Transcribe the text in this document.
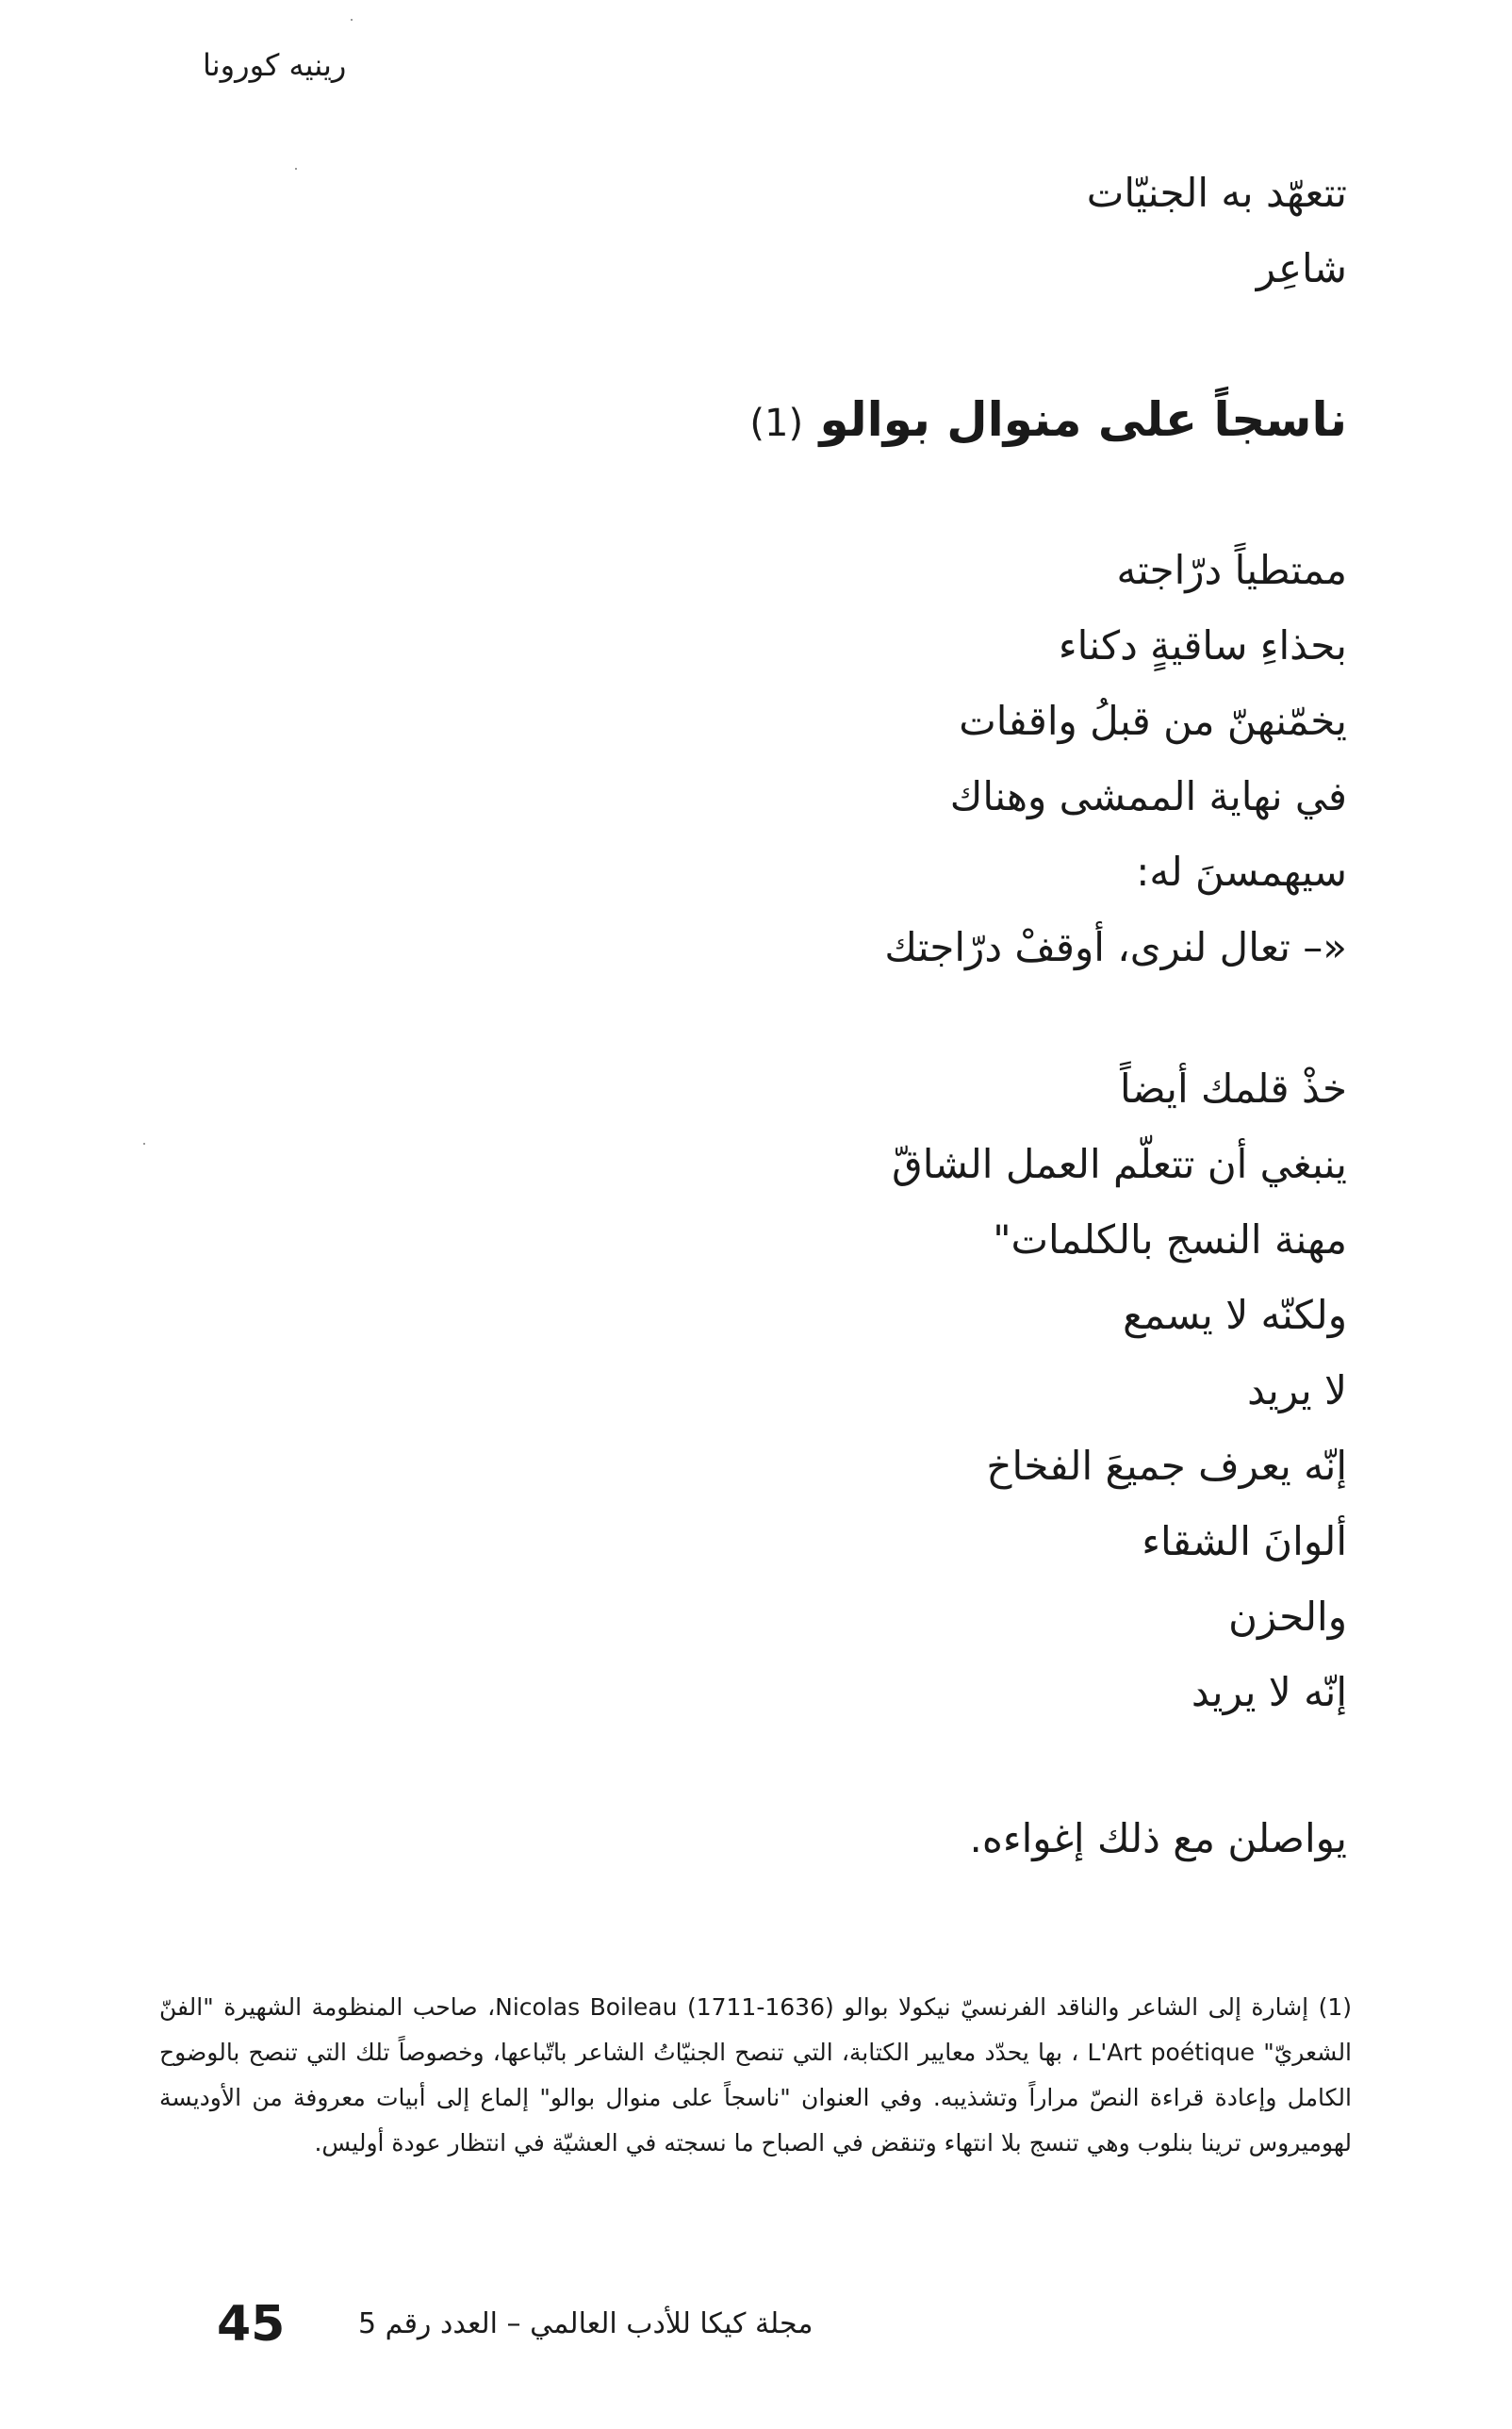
رينيه كورونا
تتعهّد به الجنيّات
شاعِر
ناسجاً على منوال بوالو (1)
ممتطياً درّاجته
بحذاءِ ساقيةٍ دكناء
يخمّنهنّ من قبلُ واقفات
في نهاية الممشى وهناك
سيهمسنَ له:
«– تعال لنرى، أوقفْ درّاجتك
خذْ قلمك أيضاً
ينبغي أن تتعلّم العمل الشاقّ
مهنة النسج بالكلمات"
ولكنّه لا يسمع
لا يريد
إنّه يعرف جميعَ الفخاخ
ألوانَ الشقاء
والحزن
إنّه لا يريد
يواصلن مع ذلك إغواءه.
(1) إشارة إلى الشاعر والناقد الفرنسيّ نيكولا بوالو (1636-1711) Nicolas Boileau، صاحب المنظومة الشهيرة "الفنّ الشعريّ" L'Art poétique ، بها يحدّد معايير الكتابة، التي تنصح الجنيّاتُ الشاعر باتّباعها، وخصوصاً تلك التي تنصح بالوضوح الكامل وإعادة قراءة النصّ مراراً وتشذيبه. وفي العنوان "ناسجاً على منوال بوالو" إلماع إلى أبيات معروفة من الأوديسة لهوميروس ترينا بنلوب وهي تنسج بلا انتهاء وتنقض في الصباح ما نسجته في العشيّة في انتظار عودة أوليس.
45	مجلة كيكا للأدب العالمي – العدد رقم 5
